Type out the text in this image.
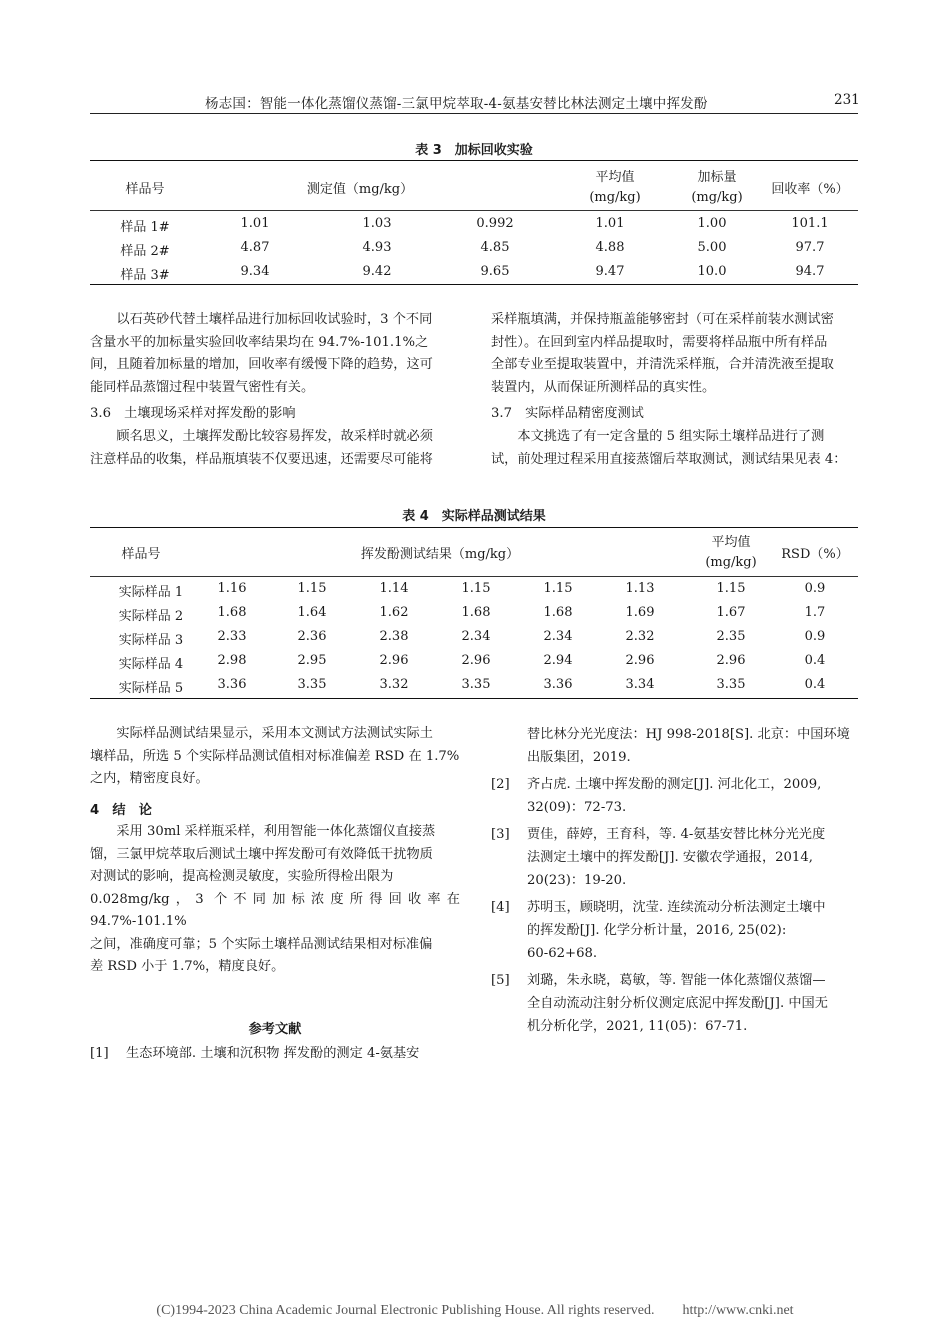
杨志国：智能一体化蒸馏仪蒸馏-三氯甲烷萃取-4-氨基安替比林法测定土壤中挥发酚	231
表 3　加标回收实验
样品号	测定值（mg/kg）
平均值
(mg/kg)
加标量
(mg/kg)
回收率（%）
样品 1#	1.01	1.03	0.992	1.01	1.00	101.1
样品 2#	4.87	4.93	4.85	4.88	5.00	97.7
样品 3#	9.34	9.42	9.65	9.47	10.0	94.7

以石英砂代替土壤样品进行加标回收试验时，3 个不同

含量水平的加标量实验回收率结果均在 94.7%-101.1%之

间，且随着加标量的增加，回收率有缓慢下降的趋势，这可

能同样品蒸馏过程中装置气密性有关。

3.6　土壤现场采样对挥发酚的影响

顾名思义，土壤挥发酚比较容易挥发，故采样时就必须

注意样品的收集，样品瓶填装不仅要迅速，还需要尽可能将

采样瓶填满，并保持瓶盖能够密封（可在采样前装水测试密

封性）。在回到室内样品提取时，需要将样品瓶中所有样品

全部专业至提取装置中，并清洗采样瓶，合并清洗液至提取

装置内，从而保证所测样品的真实性。

3.7　实际样品精密度测试

本文挑选了有一定含量的 5 组实际土壤样品进行了测

试，前处理过程采用直接蒸馏后萃取测试，测试结果见表 4：

表 4　实际样品测试结果
样品号	挥发酚测试结果（mg/kg）
平均值
(mg/kg)
RSD（%）
实际样品 1	1.16	1.15	1.14	1.15	1.15	1.13	1.15	0.9
实际样品 2	1.68	1.64	1.62	1.68	1.68	1.69	1.67	1.7
实际样品 3	2.33	2.36	2.38	2.34	2.34	2.32	2.35	0.9
实际样品 4	2.98	2.95	2.96	2.96	2.94	2.96	2.96	0.4
实际样品 5	3.36	3.35	3.32	3.35	3.36	3.34	3.35	0.4

实际样品测试结果显示，采用本文测试方法测试实际土

壤样品，所选 5 个实际样品测试值相对标准偏差 RSD 在 1.7%

之内，精密度良好。

4　结　论

采用 30ml 采样瓶采样，利用智能一体化蒸馏仪直接蒸

馏，三氯甲烷萃取后测试土壤中挥发酚可有效降低干扰物质

对测试的影响，提高检测灵敏度，实验所得检出限为

0.028mg/kg，3 个不同加标浓度所得回收率在 94.7%-101.1%

之间，准确度可靠；5 个实际土壤样品测试结果相对标准偏

差 RSD 小于 1.7%，精度良好。

参考文献
[1] 生态环境部. 土壤和沉积物 挥发酚的测定 4-氨基安
替比林分光光度法：HJ 998-2018[S]. 北京：中国环境
出版集团，2019.
[2] 齐占虎. 土壤中挥发酚的测定[J]. 河北化工，2009,
32(09)：72-73.
[3] 贾佳，薛婷，王育科，等. 4-氨基安替比林分光光度
法测定土壤中的挥发酚[J]. 安徽农学通报，2014,
20(23)：19-20.
[4] 苏明玉，顾晓明，沈莹. 连续流动分析法测定土壤中
的挥发酚[J]. 化学分析计量，2016, 25(02):
60-62+68.
[5] 刘璐，朱永晓，葛敏，等. 智能一体化蒸馏仪蒸馏—
全自动流动注射分析仪测定底泥中挥发酚[J]. 中国无
机分析化学，2021, 11(05)：67-71.
(C)1994-2023 China Academic Journal Electronic Publishing House. All rights reserved.　　http://www.cnki.net
